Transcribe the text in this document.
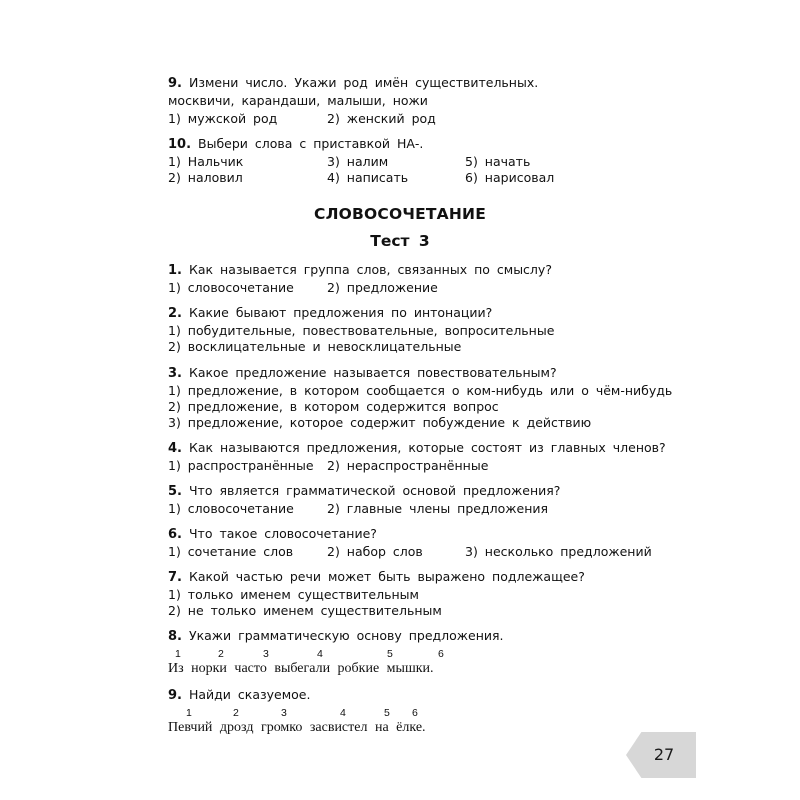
9. Измени число. Укажи род имён существительных.
москвичи, карандаши, малыши, ножи
1) мужской род	2) женский род
10. Выбери слова с приставкой НА-.
1) Нальчик	3) налим	5) начать
2) наловил	4) написать	6) нарисовал
СЛОВОСОЧЕТАНИЕ
Тест 3
1. Как называется группа слов, связанных по смыслу?
1) словосочетание	2) предложение
2. Какие бывают предложения по интонации?
1) побудительные, повествовательные, вопросительные
2) восклицательные и невосклицательные
3. Какое предложение называется повествовательным?
1) предложение, в котором сообщается о ком-нибудь или о чём-нибудь
2) предложение, в котором содержится вопрос
3) предложение, которое содержит побуждение к действию
4. Как называются предложения, которые состоят из главных членов?
1) распространённые 2) нераспространённые
5. Что является грамматической основой предложения?
1) словосочетание	2) главные члены предложения
6. Что такое словосочетание?
1) сочетание слов	2) набор слов	3) несколько предложений
7. Какой частью речи может быть выражено подлежащее?
1) только именем существительным
2) не только именем существительным
8. Укажи грамматическую основу предложения.
1	2	3	4	5	6
Из норки часто выбегали робкие мышки.
9. Найди сказуемое.
1	2	3	4	5 6
Певчий дрозд громко засвистел на ёлке.
27
